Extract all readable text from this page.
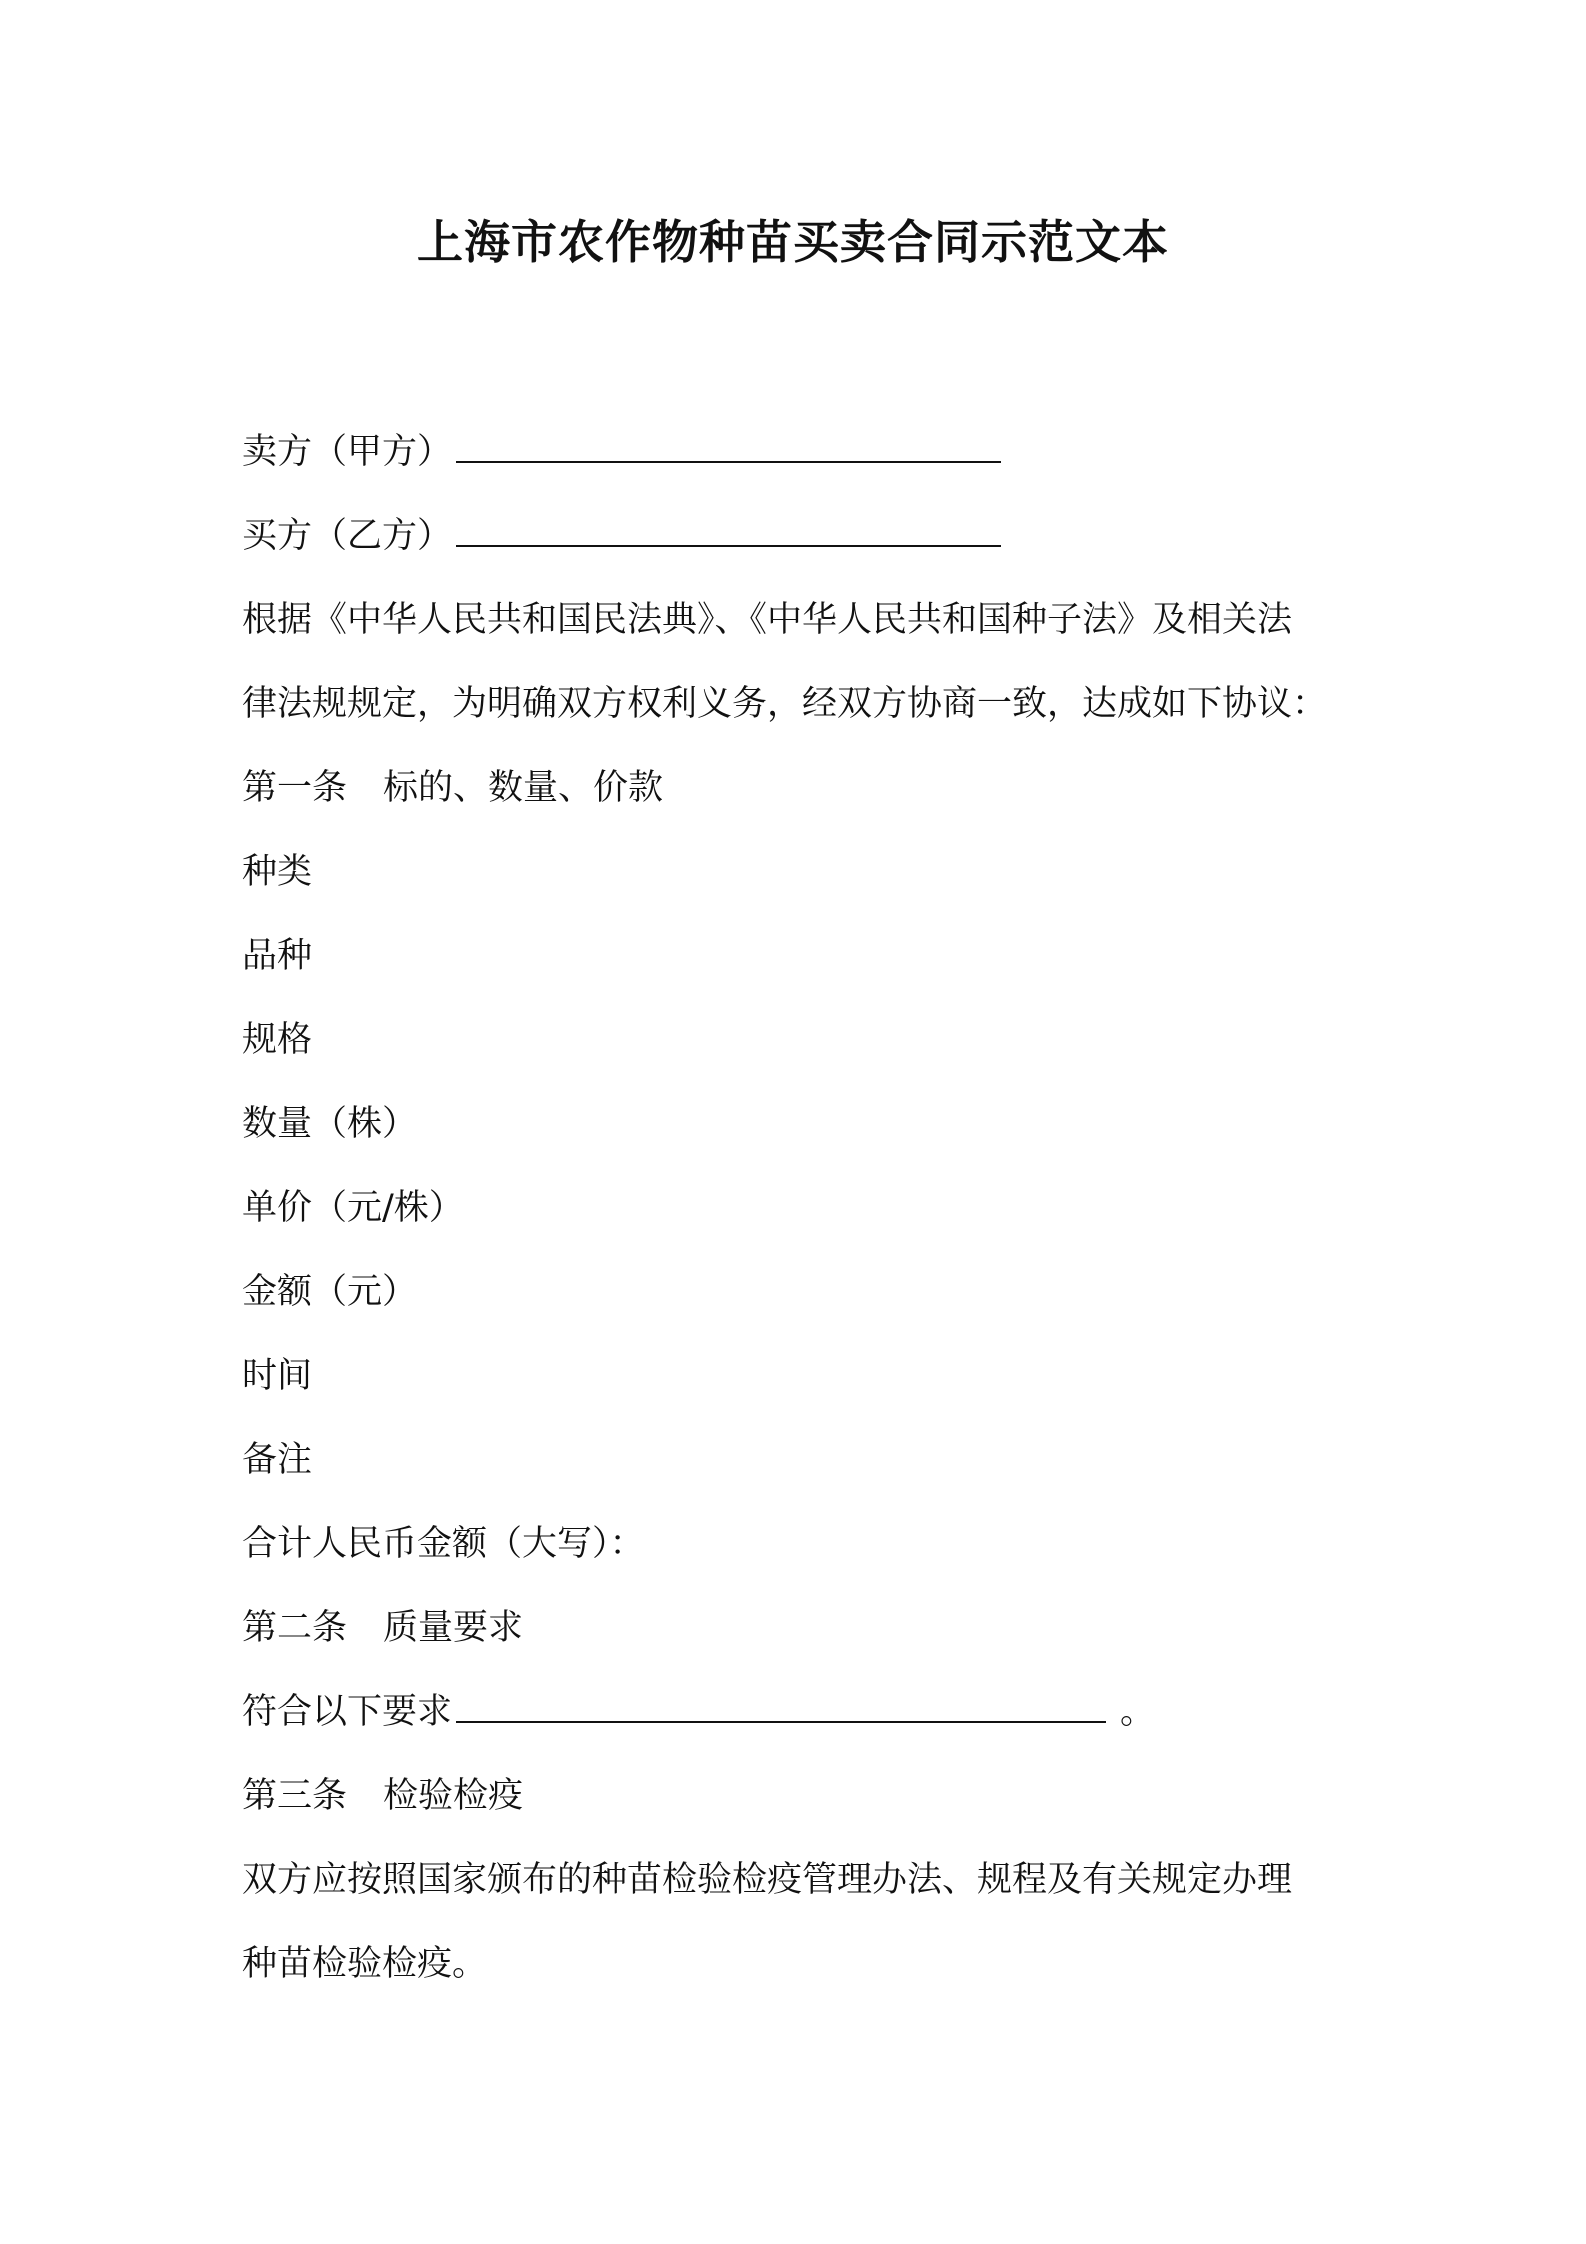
上海市农作物种苗买卖合同示范文本
卖方（甲方）
买方（乙方）
根据《中华人民共和国民法典》、《中华人民共和国种子法》及相关法
律法规规定，为明确双方权利义务，经双方协商一致，达成如下协议：
第一条 标的、数量、价款
种类
品种
规格
数量（株）
单价（元/株）
金额（元）
时间
备注
合计人民币金额（大写）：
第二条 质量要求
符合以下要求	。
第三条 检验检疫
双方应按照国家颁布的种苗检验检疫管理办法、规程及有关规定办理
种苗检验检疫。
